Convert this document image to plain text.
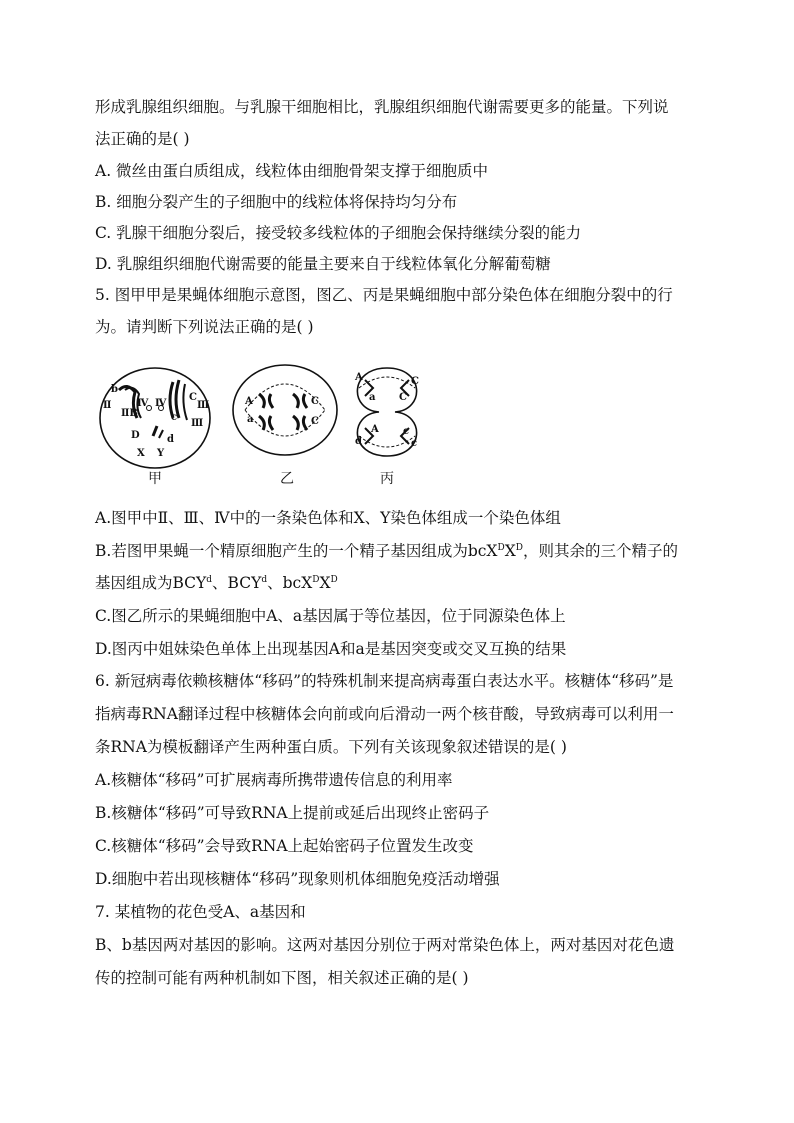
形成乳腺组织细胞。与乳腺干细胞相比，乳腺组织细胞代谢需要更多的能量。下列说
法正确的是( )
A. 微丝由蛋白质组成，线粒体由细胞骨架支撑于细胞质中
B. 细胞分裂产生的子细胞中的线粒体将保持均匀分布
C. 乳腺干细胞分裂后，接受较多线粒体的子细胞会保持继续分裂的能力
D. 乳腺组织细胞代谢需要的能量主要来自于线粒体氧化分解葡萄糖
5. 图甲甲是果蝇体细胞示意图，图乙、丙是果蝇细胞中部分染色体在细胞分裂中的行
为。请判断下列说法正确的是( )
b
Ⅱ	Ⅳ
ⅡB
Ⅳ
C
Ⅲ
c
Ⅲ
D	d
X Y
A
a
C
C
A
a
C
C
A
d
c
c
甲	乙	丙
A.图甲中Ⅱ、Ⅲ、Ⅳ中的一条染色体和X、Y染色体组成一个染色体组
B.若图甲果蝇一个精原细胞产生的一个精子基因组成为$bcX^DX^D$，则其余的三个精子的
基因组成为BCY$^d$、BCY$^d$、$bcX^DX^D$
C.图乙所示的果蝇细胞中A、a基因属于等位基因，位于同源染色体上
D.图丙中姐妹染色单体上出现基因A和a是基因突变或交叉互换的结果
6. 新冠病毒依赖核糖体“移码”的特殊机制来提高病毒蛋白表达水平。核糖体“移码”是
指病毒RNA翻译过程中核糖体会向前或向后滑动一两个核苷酸，导致病毒可以利用一
条RNA为模板翻译产生两种蛋白质。下列有关该现象叙述错误的是( )
A.核糖体“移码”可扩展病毒所携带遗传信息的利用率
B.核糖体“移码”可导致RNA上提前或延后出现终止密码子
C.核糖体“移码”会导致RNA上起始密码子位置发生改变
D.细胞中若出现核糖体“移码”现象则机体细胞免疫活动增强
7. 某植物的花色受A、a基因和
B、b基因两对基因的影响。这两对基因分别位于两对常染色体上，两对基因对花色遗
传的控制可能有两种机制如下图，相关叙述正确的是( )
